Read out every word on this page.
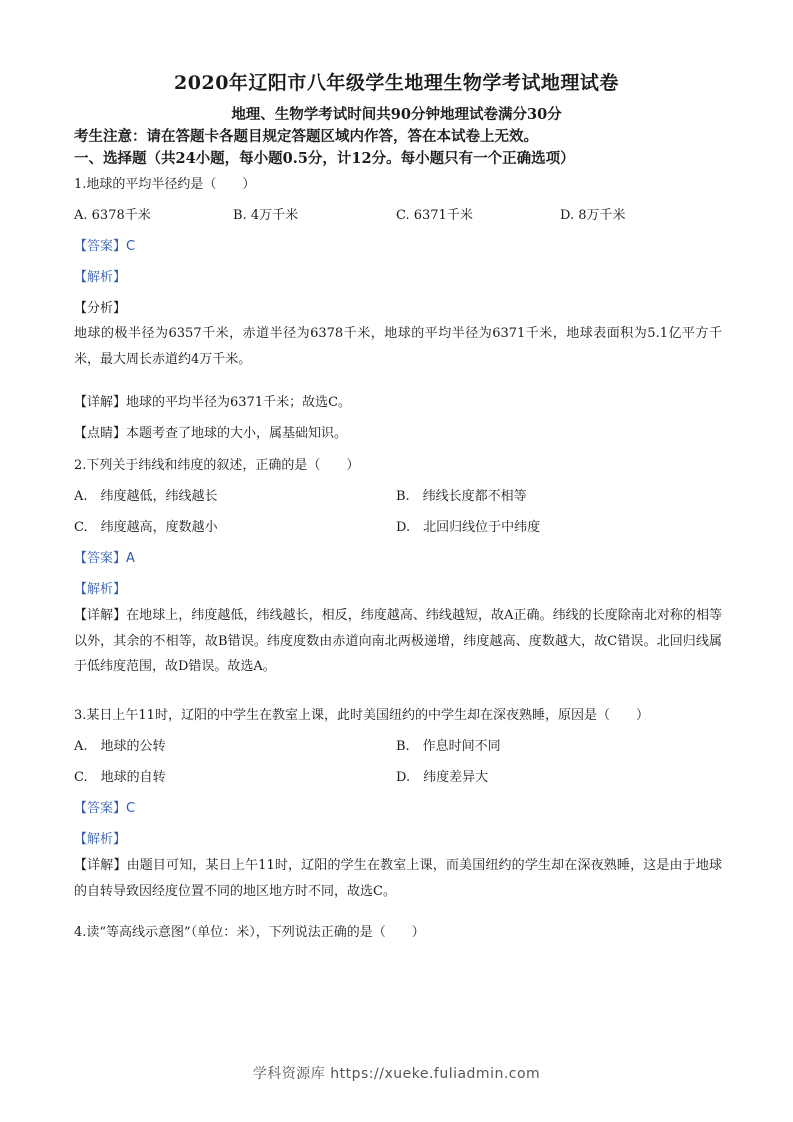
2020年辽阳市八年级学生地理生物学考试地理试卷
地理、生物学考试时间共90分钟地理试卷满分30分
考生注意：请在答题卡各题目规定答题区域内作答，答在本试卷上无效。
一、选择题（共24小题，每小题0.5分，计12分。每小题只有一个正确选项）
1.地球的平均半径约是（　　）
A. 6378千米	B. 4万千米	C. 6371千米	D. 8万千米
【答案】C
【解析】
【分析】
地球的极半径为6357千米，赤道半径为6378千米，地球的平均半径为6371千米，地球表面积为5.1亿平方千米，最大周长赤道约4万千米。
【详解】地球的平均半径为6371千米；故选C。
【点睛】本题考查了地球的大小，属基础知识。
2.下列关于纬线和纬度的叙述，正确的是（　　）
A.　纬度越低，纬线越长	B.　纬线长度都不相等
C.　纬度越高，度数越小	D.　北回归线位于中纬度
【答案】A
【解析】
【详解】在地球上，纬度越低，纬线越长，相反，纬度越高、纬线越短，故A正确。纬线的长度除南北对称的相等以外，其余的不相等，故B错误。纬度度数由赤道向南北两极递增，纬度越高、度数越大，故C错误。北回归线属于低纬度范围，故D错误。故选A。
3.某日上午11时，辽阳的中学生在教室上课，此时美国纽约的中学生却在深夜熟睡，原因是（　　）
A.　地球的公转	B.　作息时间不同
C.　地球的自转	D.　纬度差异大
【答案】C
【解析】
【详解】由题目可知，某日上午11时，辽阳的学生在教室上课，而美国纽约的学生却在深夜熟睡，这是由于地球的自转导致因经度位置不同的地区地方时不同，故选C。
4.读“等高线示意图”（单位：米），下列说法正确的是（　　）
学科资源库 https://xueke.fuliadmin.com
